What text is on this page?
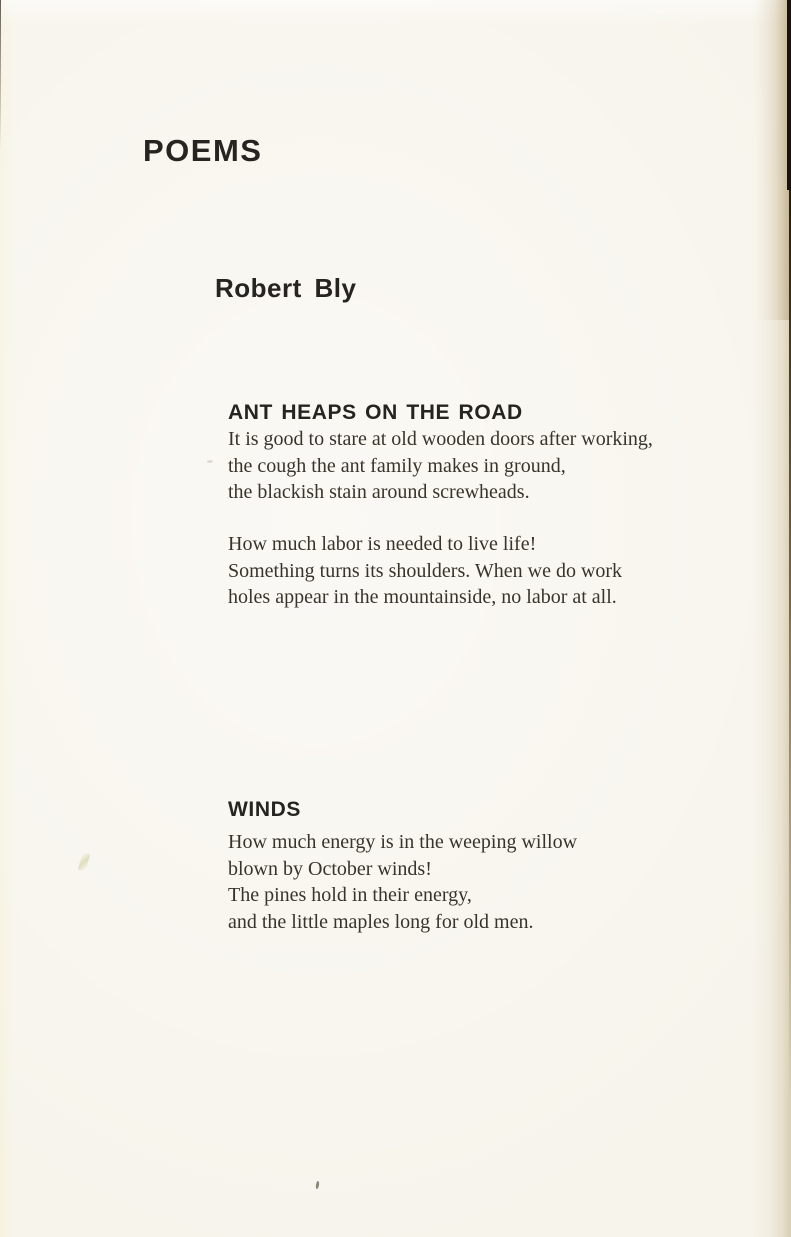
POEMS
Robert Bly
ANT HEAPS ON THE ROAD
It is good to stare at old wooden doors after working,
the cough the ant family makes in ground,
the blackish stain around screwheads.
How much labor is needed to live life!
Something turns its shoulders. When we do work
holes appear in the mountainside, no labor at all.
WINDS
How much energy is in the weeping willow
blown by October winds!
The pines hold in their energy,
and the little maples long for old men.
